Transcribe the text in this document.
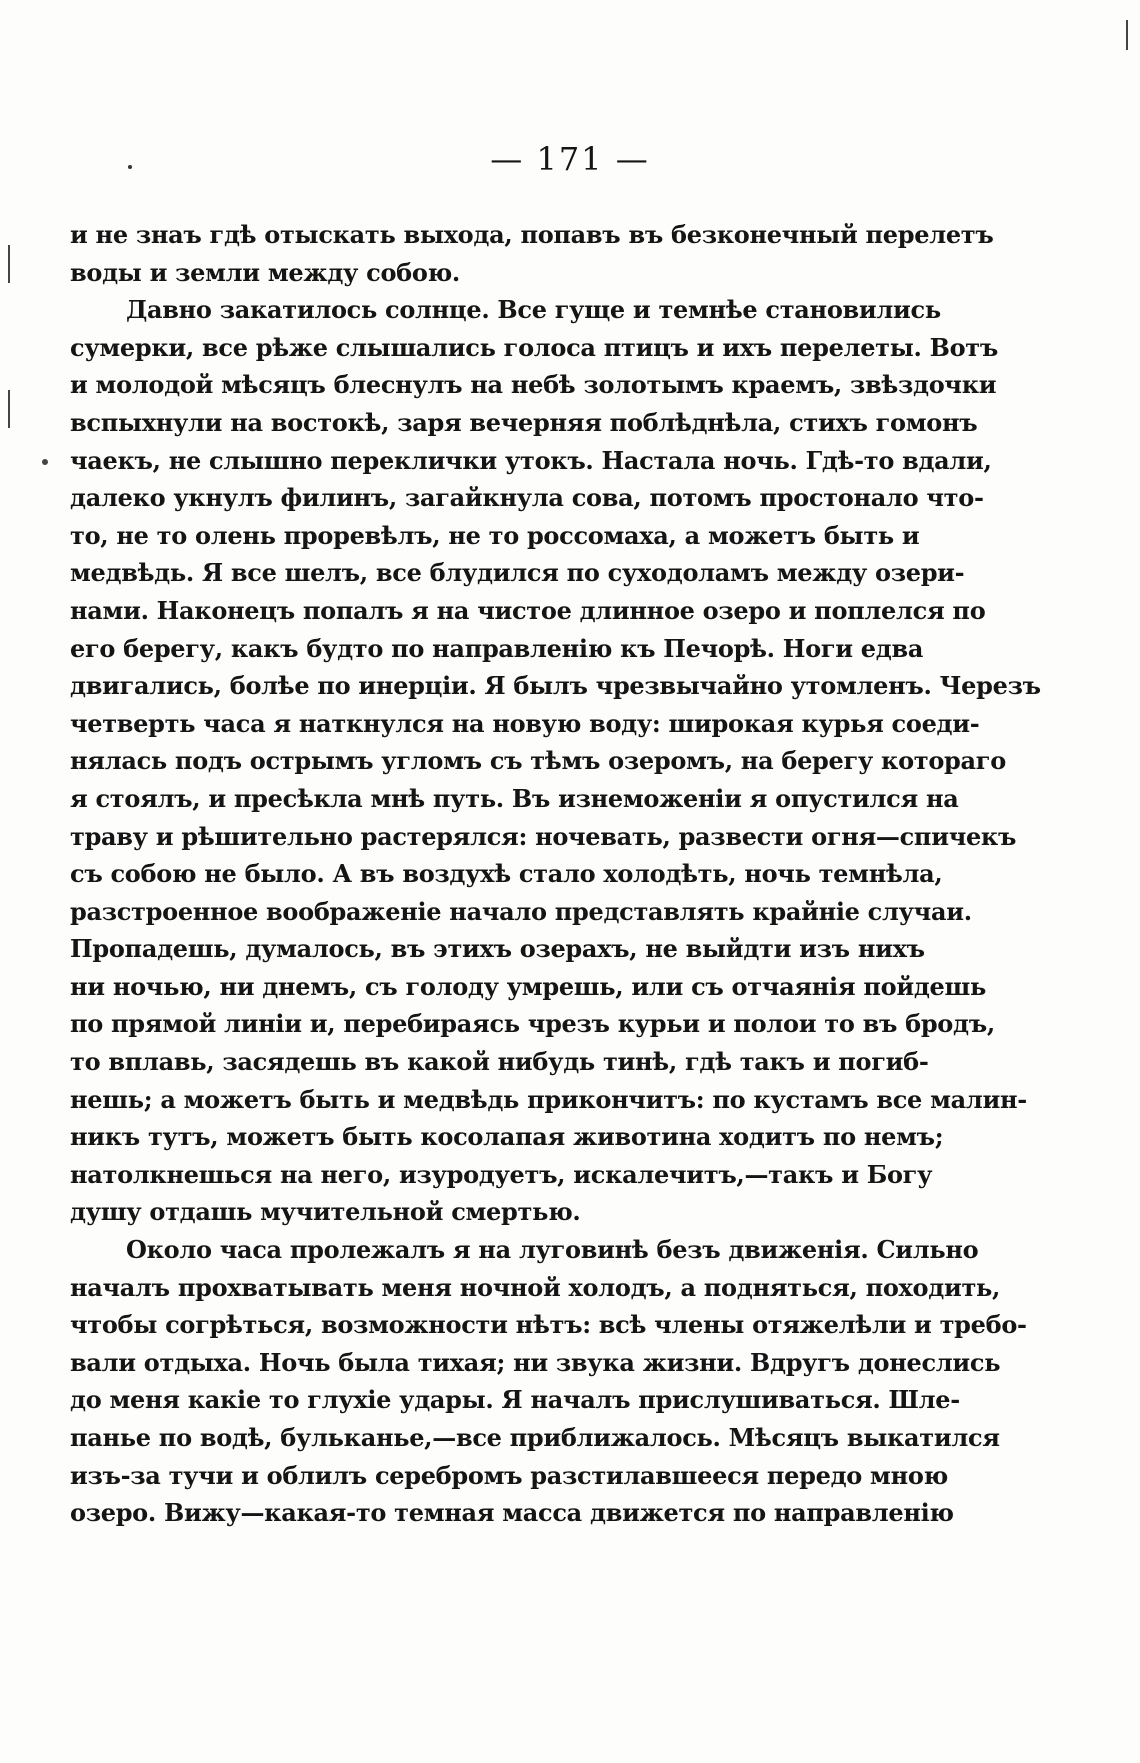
— 171 —
и не знаъ гдѣ отыскать выхода, попавъ въ безконечный перелетъ
воды и земли между собою.
Давно закатилось солнце. Все гуще и темнѣе становились
сумерки, все рѣже слышались голоса птицъ и ихъ перелеты. Вотъ
и молодой мѣсяцъ блеснулъ на небѣ золотымъ краемъ, звѣздочки
вспыхнули на востокѣ, заря вечерняя поблѣднѣла, стихъ гомонъ
чаекъ, не слышно переклички утокъ. Настала ночь. Гдѣ-то вдали,
далеко укнулъ филинъ, загайкнула сова, потомъ простонало что-
то, не то олень проревѣлъ, не то россомаха, а можетъ быть и
медвѣдь. Я все шелъ, все блудился по суходоламъ между озери-
нами. Наконецъ попалъ я на чистое длинное озеро и поплелся по
его берегу, какъ будто по направленію къ Печорѣ. Ноги едва
двигались, болѣе по инерціи. Я былъ чрезвычайно утомленъ. Черезъ
четверть часа я наткнулся на новую воду: широкая курья соеди-
нялась подъ острымъ угломъ съ тѣмъ озеромъ, на берегу котораго
я стоялъ, и пресѣкла мнѣ путь. Въ изнеможеніи я опустился на
траву и рѣшительно растерялся: ночевать, развести огня—спичекъ
съ собою не было. А въ воздухѣ стало холодѣть, ночь темнѣла,
разстроенное воображеніе начало представлять крайніе случаи.
Пропадешь, думалось, въ этихъ озерахъ, не выйдти изъ нихъ
ни ночью, ни днемъ, съ голоду умрешь, или съ отчаянія пойдешь
по прямой линіи и, перебираясь чрезъ курьи и полои то въ бродъ,
то вплавь, засядешь въ какой нибудь тинѣ, гдѣ такъ и погиб-
нешь; а можетъ быть и медвѣдь прикончитъ: по кустамъ все малин-
никъ тутъ, можетъ быть косолапая животина ходитъ по немъ;
натолкнешься на него, изуродуетъ, искалечитъ,—такъ и Богу
душу отдашь мучительной смертью.
Около часа пролежалъ я на луговинѣ безъ движенія. Сильно
началъ прохватывать меня ночной холодъ, а подняться, походить,
чтобы согрѣться, возможности нѣтъ: всѣ члены отяжелѣли и требо-
вали отдыха. Ночь была тихая; ни звука жизни. Вдругъ донеслись
до меня какіе то глухіе удары. Я началъ прислушиваться. Шле-
панье по водѣ, бульканье,—все приближалось. Мѣсяцъ выкатился
изъ-за тучи и облилъ серебромъ разстилавшееся передо мною
озеро. Вижу—какая-то темная масса движется по направленію
